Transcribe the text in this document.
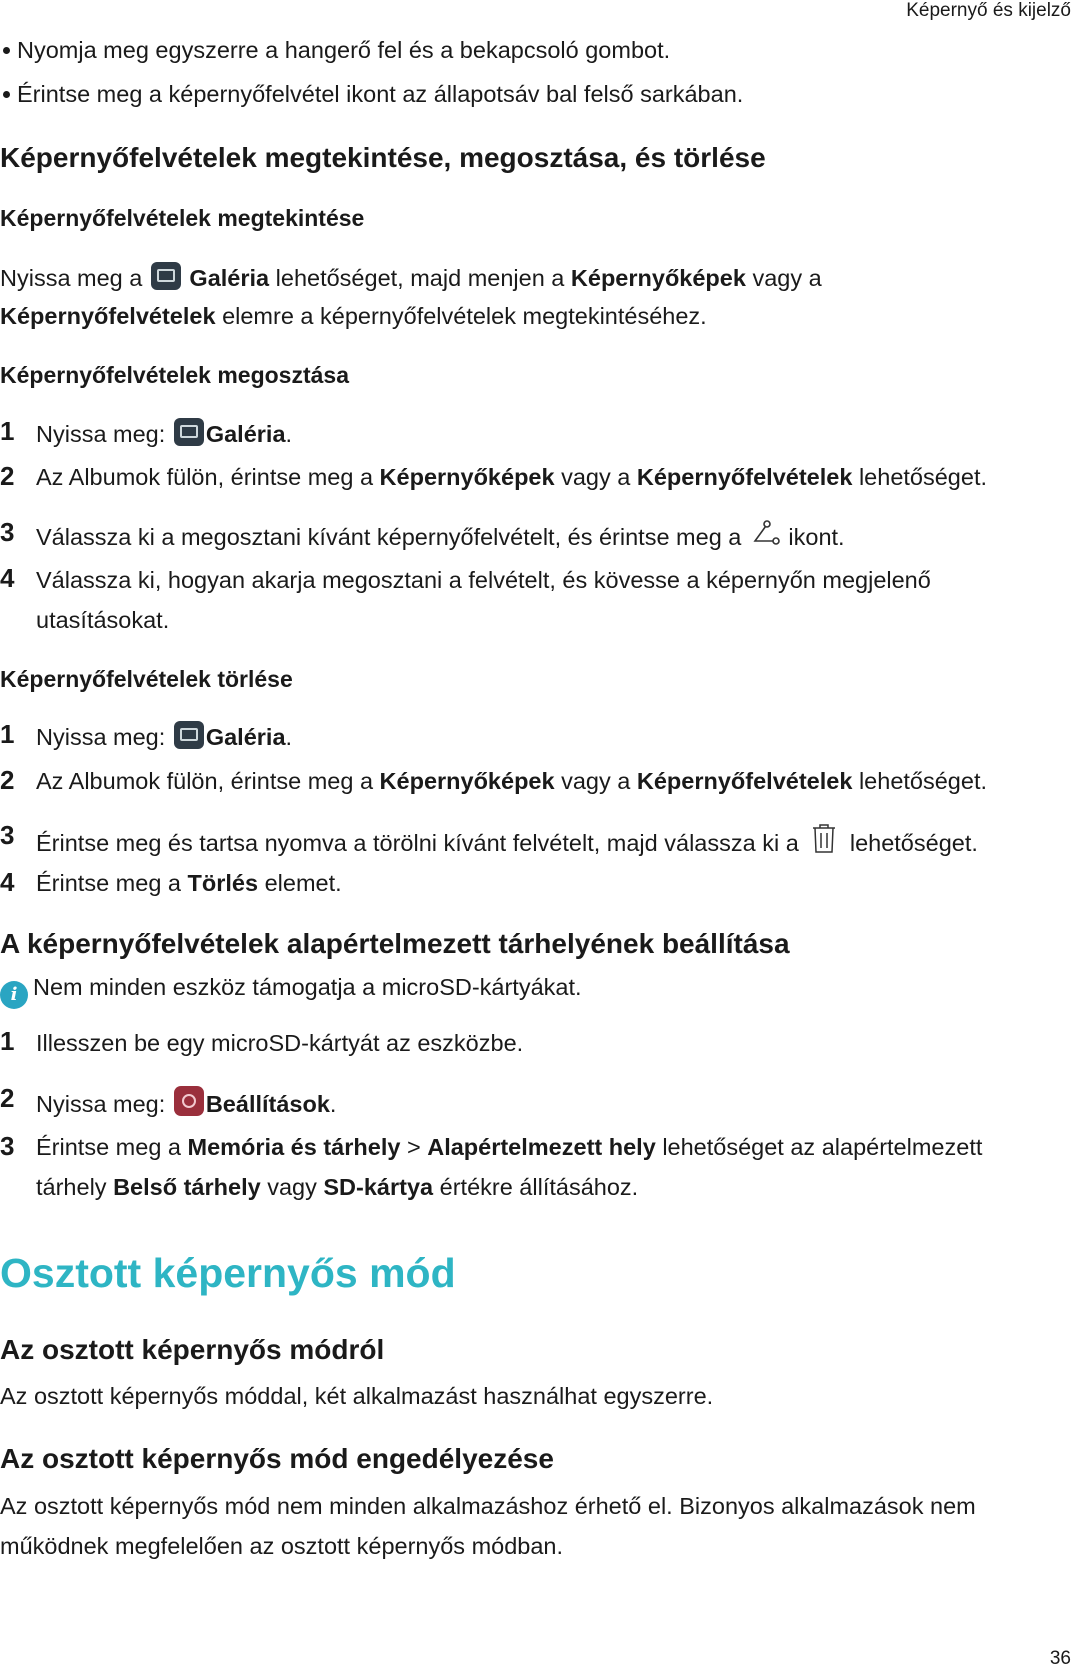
Képernyő és kijelző
Nyomja meg egyszerre a hangerő fel és a bekapcsoló gombot.
Érintse meg a képernyőfelvétel ikont az állapotsáv bal felső sarkában.
Képernyőfelvételek megtekintése, megosztása, és törlése
Képernyőfelvételek megtekintése
Nyissa meg a Galéria lehetőséget, majd menjen a Képernyőképek vagy a
Képernyőfelvételek elemre a képernyőfelvételek megtekintéséhez.
Képernyőfelvételek megosztása
1 Nyissa meg: Galéria.
2 Az Albumok fülön, érintse meg a Képernyőképek vagy a Képernyőfelvételek lehetőséget.
3 Válassza ki a megosztani kívánt képernyőfelvételt, és érintse meg a ikont.
4 Válassza ki, hogyan akarja megosztani a felvételt, és kövesse a képernyőn megjelenő
utasításokat.
Képernyőfelvételek törlése
1 Nyissa meg: Galéria.
2 Az Albumok fülön, érintse meg a Képernyőképek vagy a Képernyőfelvételek lehetőséget.
3 Érintse meg és tartsa nyomva a törölni kívánt felvételt, majd válassza ki a lehetőséget.
4 Érintse meg a Törlés elemet.
A képernyőfelvételek alapértelmezett tárhelyének beállítása
i Nem minden eszköz támogatja a microSD-kártyákat.
1 Illesszen be egy microSD-kártyát az eszközbe.
2 Nyissa meg: Beállítások.
3 Érintse meg a Memória és tárhely > Alapértelmezett hely lehetőséget az alapértelmezett
tárhely Belső tárhely vagy SD-kártya értékre állításához.
Osztott képernyős mód
Az osztott képernyős módról
Az osztott képernyős móddal, két alkalmazást használhat egyszerre.
Az osztott képernyős mód engedélyezése
Az osztott képernyős mód nem minden alkalmazáshoz érhető el. Bizonyos alkalmazások nem
működnek megfelelően az osztott képernyős módban.
36
